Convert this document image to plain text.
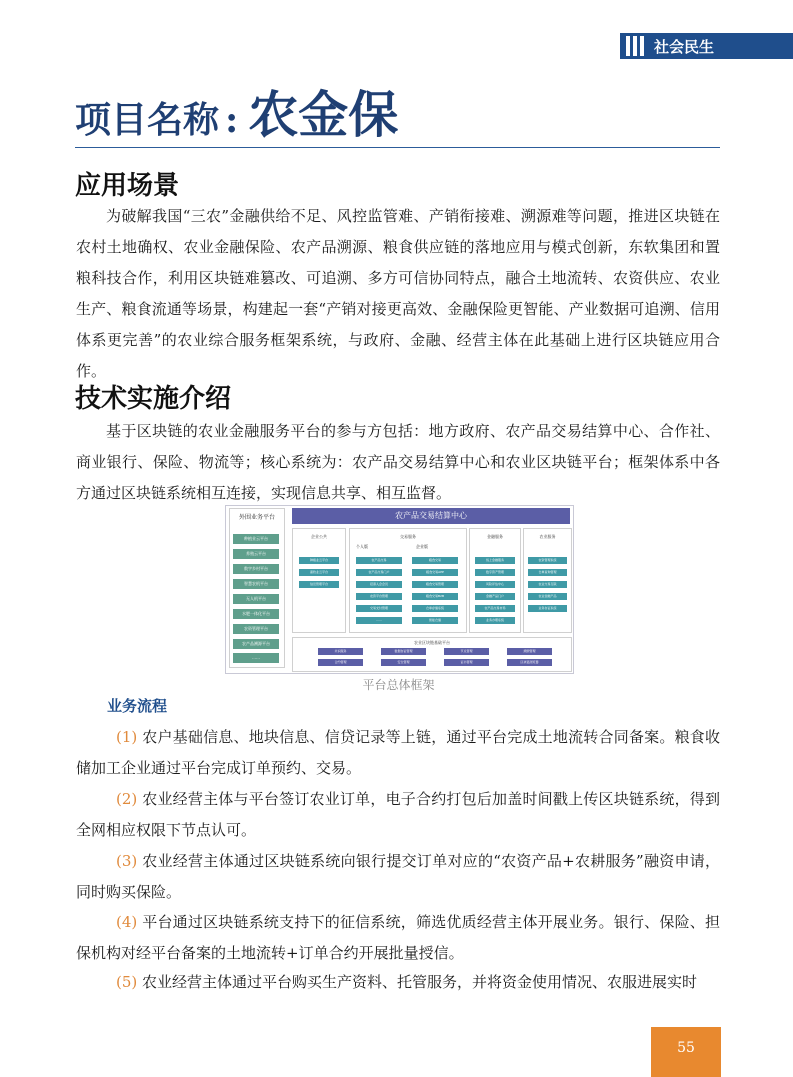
社会民生
项目名称 : 农金保
应用场景

为破解我国“三农”金融供给不足、风控监管难、产销衔接难、溯源难等问题，推进区块链在农村土地确权、农业金融保险、农产品溯源、粮食供应链的落地应用与模式创新，东软集团和置粮科技合作，利用区块链难篡改、可追溯、多方可信协同特点，融合土地流转、农资供应、农业生产、粮食流通等场景，构建起一套“产销对接更高效、金融保险更智能、产业数据可追溯、信用体系更完善”的农业综合服务框架系统，与政府、金融、经营主体在此基础上进行区块链应用合作。

技术实施介绍

基于区块链的农业金融服务平台的参与方包括：地方政府、农产品交易结算中心、合作社、商业银行、保险、物流等；核心系统为：农产品交易结算中心和农业区块链平台；框架体系中各方通过区块链系统相互连接，实现信息共享、相互监督。

外围业务平台
种植业云平台
养殖云平台
数字乡村平台
智慧农机平台
无人机平台
水肥一体化平台
农资管理平台
农产品溯源平台
……
农产品交易结算中心
企业公共
种植业云平台
畜牧业云平台
信息管理平台
交易服务
个人版	企业版
农产品交易
农产品交易门户
招商入会会员
农资平台管理
交易支付管理
……
粮食交易
粮食交易APP
粮食交易管理
粮食交易B2B
仓单存储系统
智能仓储
金融服务
线上金融服务
数字资产管理
风险评估中心
金融产品门户
农产品交易市场
业务办理系统
农业服务
农资管理系统
仓单查询管理
农业交易互联
农业金融产品
业务存证系统
农业区块链基础平台
共识服务	数据存证管理	节点管理	溯源管理
合约管理	安全管理	证书管理	区块链浏览器
平台总体框架
业务流程

(1) 农户基础信息、地块信息、信贷记录等上链，通过平台完成土地流转合同备案。粮食收储加工企业通过平台完成订单预约、交易。

(2) 农业经营主体与平台签订农业订单，电子合约打包后加盖时间戳上传区块链系统，得到全网相应权限下节点认可。

(3) 农业经营主体通过区块链系统向银行提交订单对应的“农资产品+农耕服务”融资申请，同时购买保险。

(4) 平台通过区块链系统支持下的征信系统，筛选优质经营主体开展业务。银行、保险、担保机构对经平台备案的土地流转+订单合约开展批量授信。

(5) 农业经营主体通过平台购买生产资料、托管服务，并将资金使用情况、农服进展实时

55
